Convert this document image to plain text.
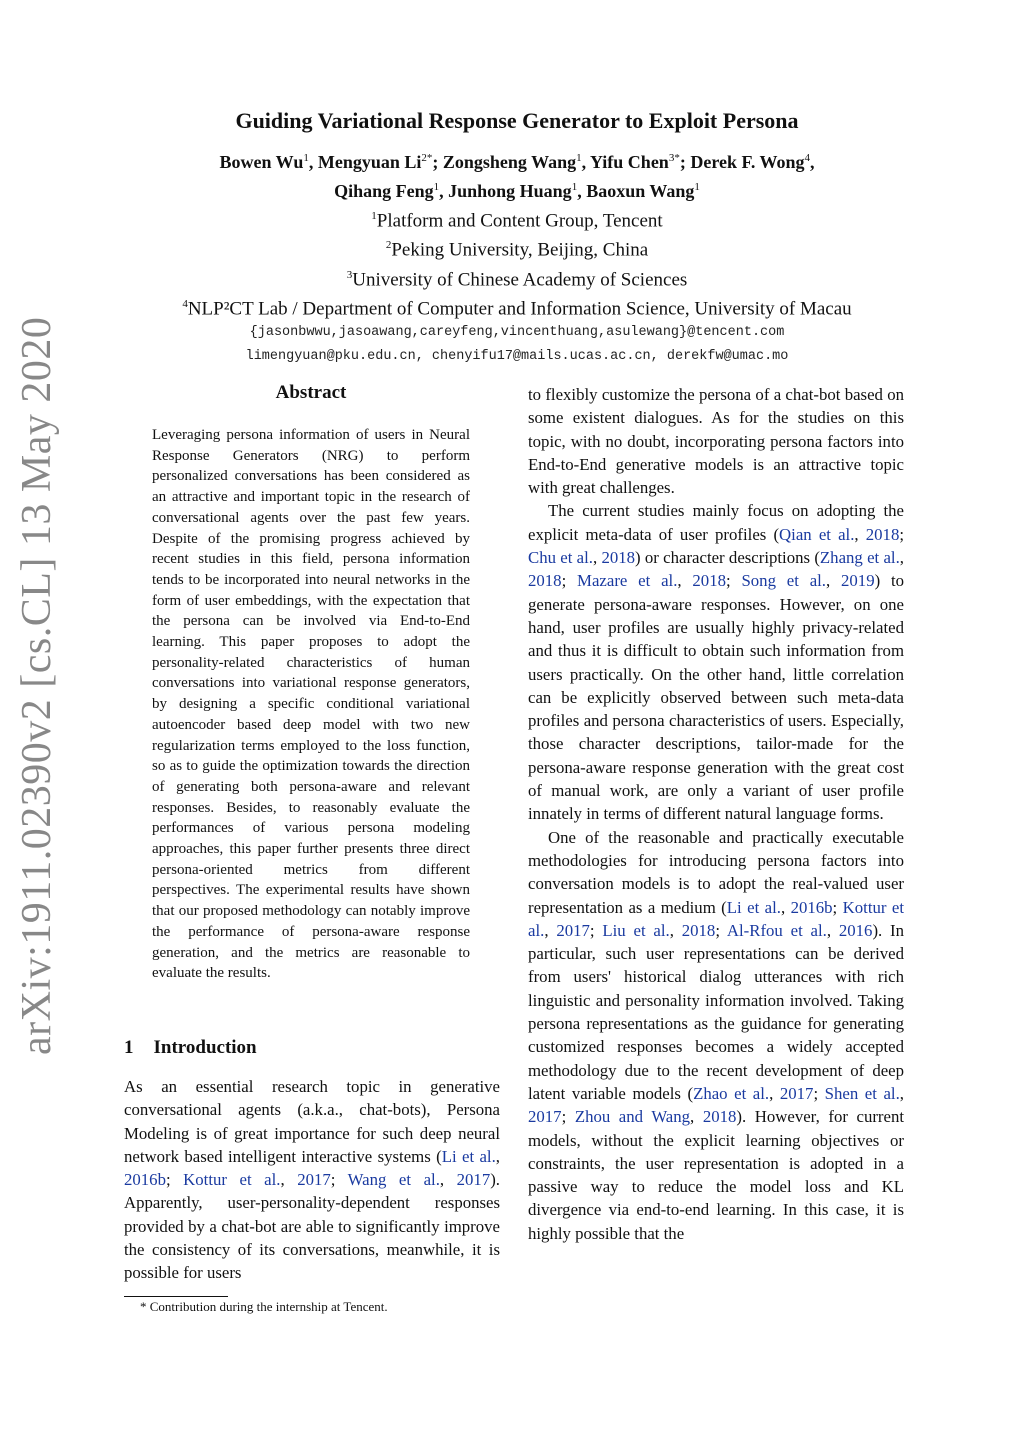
arXiv:1911.02390v2 [cs.CL] 13 May 2020
Guiding Variational Response Generator to Exploit Persona
Bowen Wu$^1$, Mengyuan $Li^{2*}$; Zongsheng Wang$^1$, Yifu Chen$^{3*}$; Derek F. Wong$^4$,
Qihang Feng$^1$, Junhong Huang$^1$, Baoxun Wang$^1$
$^1$Platform and Content Group, Tencent
$^2$Peking University, Beijing, China
$^3$University of Chinese Academy of Sciences
$^4$NLP²CT Lab / Department of Computer and Information Science, University of Macau
{jasonbwwu,jasoawang,careyfeng,vincenthuang,asulewang}@tencent.com
limengyuan@pku.edu.cn, chenyifu17@mails.ucas.ac.cn, derekfw@umac.mo
Abstract

Leveraging persona information of users in Neural Response Generators (NRG) to perform personalized conversations has been considered as an attractive and important topic in the research of conversational agents over the past few years. Despite of the promising progress achieved by recent studies in this field, persona information tends to be incorporated into neural networks in the form of user embeddings, with the expectation that the persona can be involved via End-to-End learning. This paper proposes to adopt the personality-related characteristics of human conversations into variational response generators, by designing a specific conditional variational autoencoder based deep model with two new regularization terms employed to the loss function, so as to guide the optimization towards the direction of generating both persona-aware and relevant responses. Besides, to reasonably evaluate the performances of various persona modeling approaches, this paper further presents three direct persona-oriented metrics from different perspectives. The experimental results have shown that our proposed methodology can notably improve the performance of persona-aware response generation, and the metrics are reasonable to evaluate the results.

1 Introduction

As an essential research topic in generative conversational agents (a.k.a., chat-bots), Persona Modeling is of great importance for such deep neural network based intelligent interactive systems (Li et al., 2016b; Kottur et al., 2017; Wang et al., 2017). Apparently, user-personality-dependent responses provided by a chat-bot are able to significantly improve the consistency of its conversations, meanwhile, it is possible for users

to flexibly customize the persona of a chat-bot based on some existent dialogues. As for the studies on this topic, with no doubt, incorporating persona factors into End-to-End generative models is an attractive topic with great challenges.

The current studies mainly focus on adopting the explicit meta-data of user profiles (Qian et al., 2018; Chu et al., 2018) or character descriptions (Zhang et al., 2018; Mazare et al., 2018; Song et al., 2019) to generate persona-aware responses. However, on one hand, user profiles are usually highly privacy-related and thus it is difficult to obtain such information from users practically. On the other hand, little correlation can be explicitly observed between such meta-data profiles and persona characteristics of users. Especially, those character descriptions, tailor-made for the persona-aware response generation with the great cost of manual work, are only a variant of user profile innately in terms of different natural language forms.

One of the reasonable and practically executable methodologies for introducing persona factors into conversation models is to adopt the real-valued user representation as a medium (Li et al., 2016b; Kottur et al., 2017; Liu et al., 2018; Al-Rfou et al., 2016). In particular, such user representations can be derived from users' historical dialog utterances with rich linguistic and personality information involved. Taking persona representations as the guidance for generating customized responses becomes a widely accepted methodology due to the recent development of deep latent variable models (Zhao et al., 2017; Shen et al., 2017; Zhou and Wang, 2018). However, for current models, without the explicit learning objectives or constraints, the user representation is adopted in a passive way to reduce the model loss and KL divergence via end-to-end learning. In this case, it is highly possible that the

* Contribution during the internship at Tencent.
